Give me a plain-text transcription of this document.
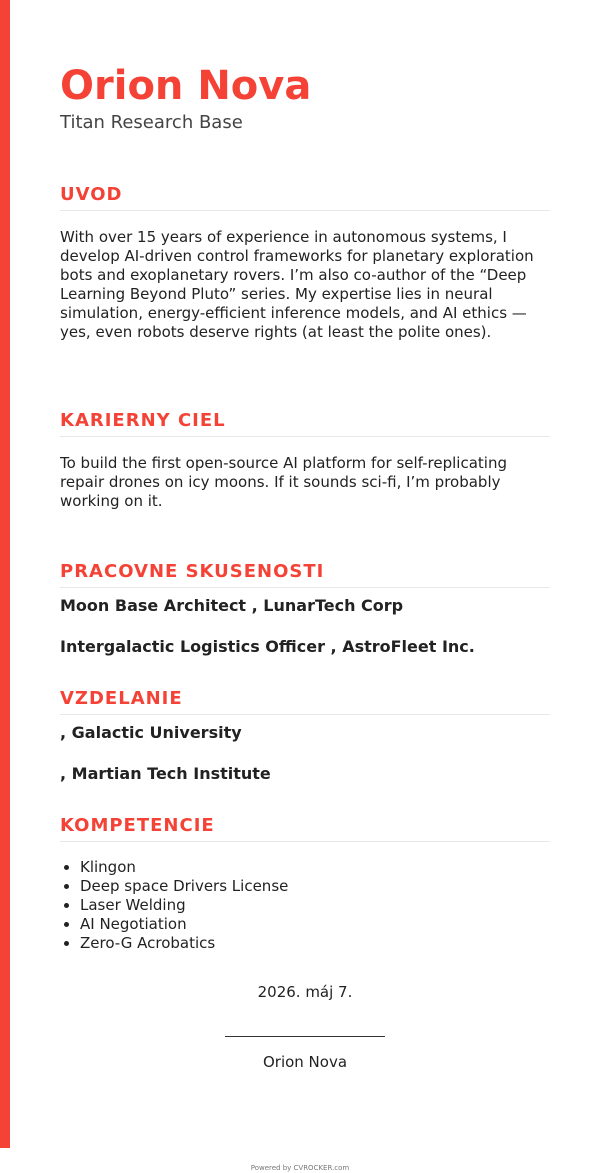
Orion Nova
Titan Research Base
UVOD

With over 15 years of experience in autonomous systems, I develop AI-driven control frameworks for planetary exploration bots and exoplanetary rovers. I’m also co-author of the “Deep Learning Beyond Pluto” series. My expertise lies in neural simulation, energy-efficient inference models, and AI ethics — yes, even robots deserve rights (at least the polite ones).

KARIERNY CIEL

To build the first open-source AI platform for self-replicating repair drones on icy moons. If it sounds sci-fi, I’m probably working on it.

PRACOVNE SKUSENOSTI
Moon Base Architect , LunarTech Corp
Intergalactic Logistics Officer , AstroFleet Inc.
VZDELANIE
, Galactic University
, Martian Tech Institute
KOMPETENCIE
• Klingon
• Deep space Drivers License
• Laser Welding
• AI Negotiation
• Zero-G Acrobatics
2026. máj 7.
Orion Nova
Powered by CVROCKER.com
